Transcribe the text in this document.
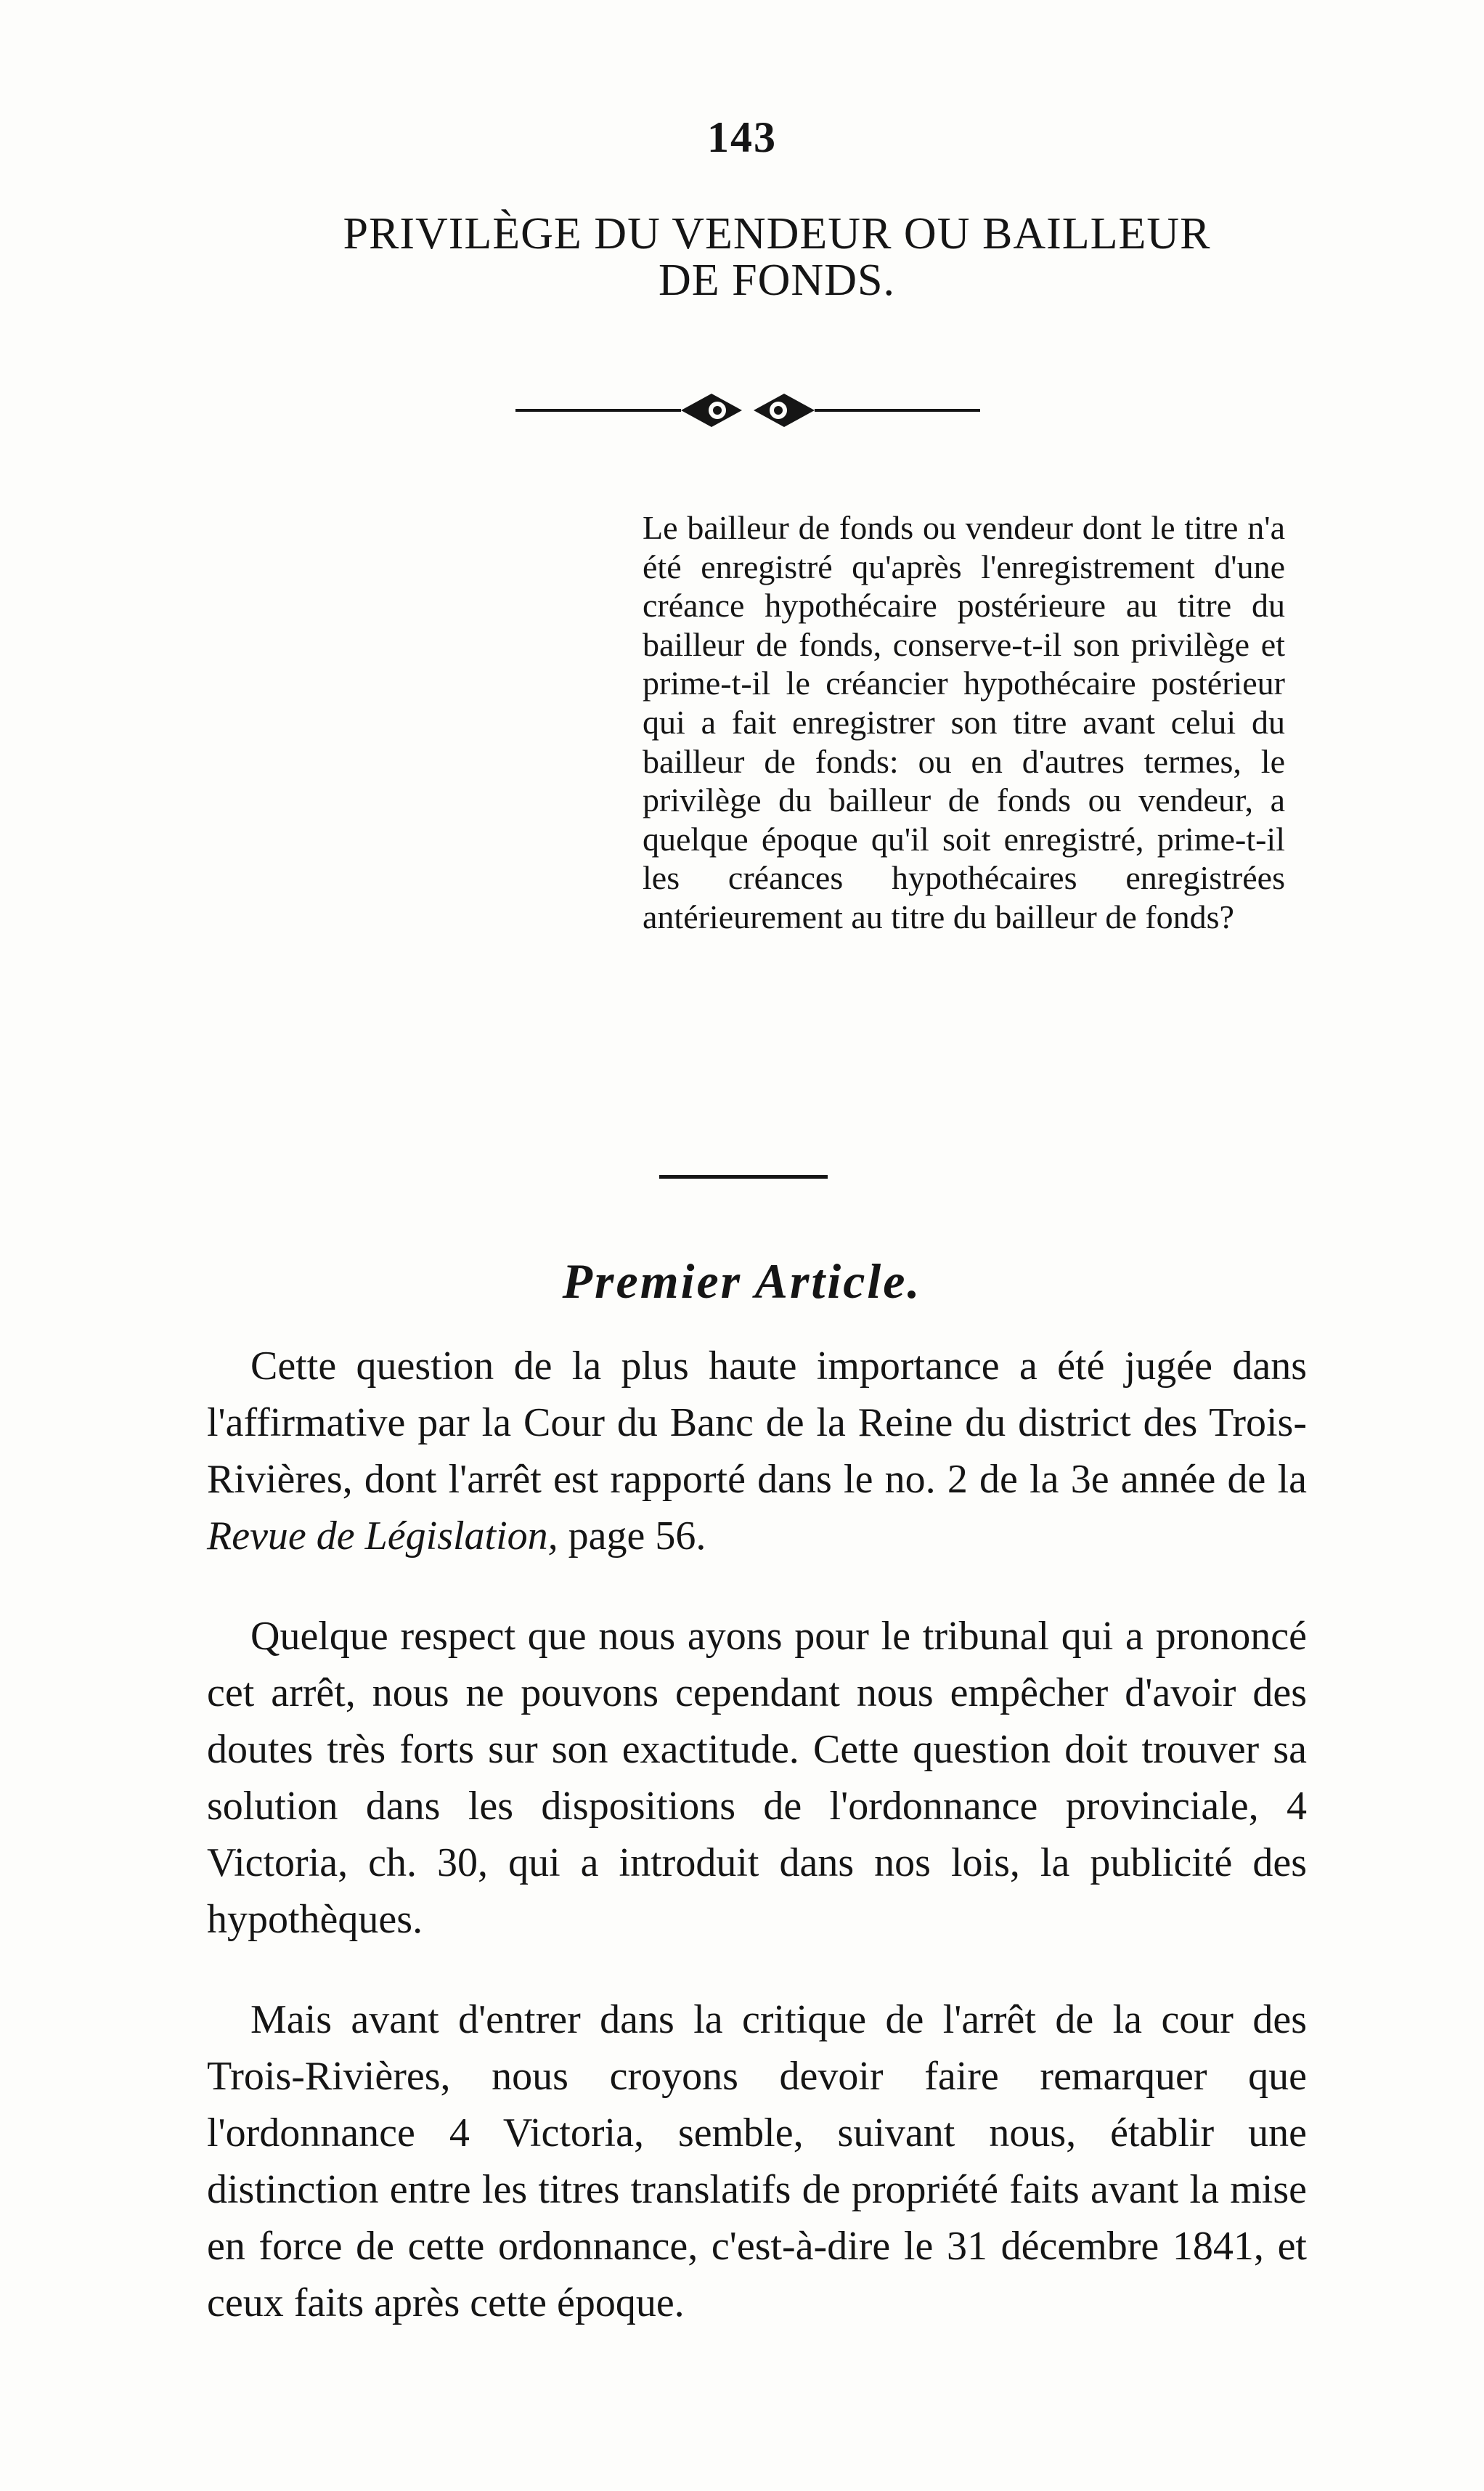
143
PRIVILÈGE DU VENDEUR OU BAILLEUR
DE FONDS.
Le bailleur de fonds ou vendeur dont le titre n'a été enregistré qu'après l'enregistrement d'une créance hypothécaire postérieure au titre du bailleur de fonds, conserve-t-il son privilège et prime-t-il le créancier hypothécaire postérieur qui a fait enregistrer son titre avant celui du bailleur de fonds: ou en d'autres termes, le privilège du bailleur de fonds ou vendeur, a quelque époque qu'il soit enregistré, prime-t-il les créances hypothécaires enregistrées antérieurement au titre du bailleur de fonds?
Premier Article.

Cette question de la plus haute importance a été jugée dans l'affirmative par la Cour du Banc de la Reine du district des Trois-Rivières, dont l'arrêt est rapporté dans le no. 2 de la 3e année de la Revue de Législation, page 56.

Quelque respect que nous ayons pour le tribunal qui a prononcé cet arrêt, nous ne pouvons cependant nous empêcher d'avoir des doutes très forts sur son exactitude. Cette question doit trouver sa solution dans les dispositions de l'ordonnance provinciale, 4 Victoria, ch. 30, qui a introduit dans nos lois, la publicité des hypothèques.

Mais avant d'entrer dans la critique de l'arrêt de la cour des Trois-Rivières, nous croyons devoir faire remarquer que l'ordonnance 4 Victoria, semble, suivant nous, établir une distinction entre les titres translatifs de propriété faits avant la mise en force de cette ordonnance, c'est-à-dire le 31 décembre 1841, et ceux faits après cette époque.
